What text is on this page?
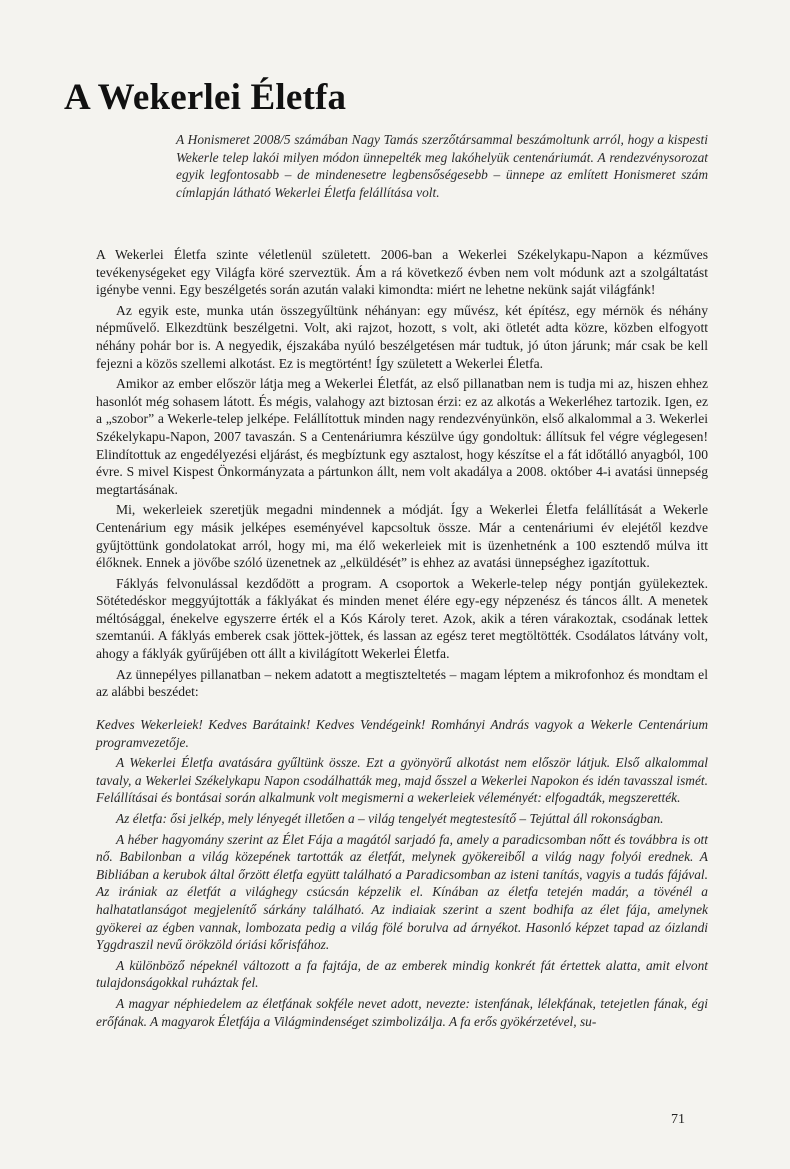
A Wekerlei Életfa

A Honismeret 2008/5 számában Nagy Tamás szerzőtársammal beszámoltunk arról, hogy a kispesti Wekerle telep lakói milyen módon ünnepelték meg lakóhelyük centenáriumát. A rendezvénysorozat egyik legfontosabb – de mindenesetre legbensőségesebb – ünnepe az említett Honismeret szám címlapján látható Wekerlei Életfa felállítása volt.

A Wekerlei Életfa szinte véletlenül született. 2006-ban a Wekerlei Székelykapu-Napon a kézműves tevékenységeket egy Világfa köré szerveztük. Ám a rá következő évben nem volt módunk azt a szolgáltatást igénybe venni. Egy beszélgetés során azután valaki kimondta: miért ne lehetne nekünk saját világfánk!

Az egyik este, munka után összegyűltünk néhányan: egy művész, két építész, egy mérnök és néhány népművelő. Elkezdtünk beszélgetni. Volt, aki rajzot, hozott, s volt, aki ötletét adta közre, közben elfogyott néhány pohár bor is. A negyedik, éjszakába nyúló beszélgetésen már tudtuk, jó úton járunk; már csak be kell fejezni a közös szellemi alkotást. Ez is megtörtént! Így született a Wekerlei Életfa.

Amikor az ember először látja meg a Wekerlei Életfát, az első pillanatban nem is tudja mi az, hiszen ehhez hasonlót még sohasem látott. És mégis, valahogy azt biztosan érzi: ez az alkotás a Wekerléhez tartozik. Igen, ez a „szobor” a Wekerle-telep jelképe. Felállítottuk minden nagy rendezvényünkön, első alkalommal a 3. Wekerlei Székelykapu-Napon, 2007 tavaszán. S a Centenáriumra készülve úgy gondoltuk: állítsuk fel végre véglegesen! Elindítottuk az engedélyezési eljárást, és megbíztunk egy asztalost, hogy készítse el a fát időtálló anyagból, 100 évre. S mivel Kispest Önkormányzata a pártunkon állt, nem volt akadálya a 2008. október 4-i avatási ünnepség megtartásának.

Mi, wekerleiek szeretjük megadni mindennek a módját. Így a Wekerlei Életfa felállítását a Wekerle Centenárium egy másik jelképes eseményével kapcsoltuk össze. Már a centenáriumi év elejétől kezdve gyűjtöttünk gondolatokat arról, hogy mi, ma élő wekerleiek mit is üzenhetnénk a 100 esztendő múlva itt élőknek. Ennek a jövőbe szóló üzenetnek az „elküldését” is ehhez az avatási ünnepséghez igazítottuk.

Fáklyás felvonulással kezdődött a program. A csoportok a Wekerle-telep négy pontján gyülekeztek. Sötétedéskor meggyújtották a fáklyákat és minden menet élére egy-egy népzenész és táncos állt. A menetek méltósággal, énekelve egyszerre érték el a Kós Károly teret. Azok, akik a téren várakoztak, csodának lettek szemtanúi. A fáklyás emberek csak jöttek-jöttek, és lassan az egész teret megtöltötték. Csodálatos látvány volt, ahogy a fáklyák gyűrűjében ott állt a kivilágított Wekerlei Életfa.

Az ünnepélyes pillanatban – nekem adatott a megtiszteltetés – magam léptem a mikrofonhoz és mondtam el az alábbi beszédet:

Kedves Wekerleiek! Kedves Barátaink! Kedves Vendégeink! Romhányi András vagyok a Wekerle Centenárium programvezetője.

A Wekerlei Életfa avatására gyűltünk össze. Ezt a gyönyörű alkotást nem először látjuk. Első alkalommal tavaly, a Wekerlei Székelykapu Napon csodálhatták meg, majd ősszel a Wekerlei Napokon és idén tavasszal ismét. Felállításai és bontásai során alkalmunk volt megismerni a wekerleiek véleményét: elfogadták, megszerették.

Az életfa: ősi jelkép, mely lényegét illetően a – világ tengelyét megtestesítő – Tejúttal áll rokonságban.

A héber hagyomány szerint az Élet Fája a magától sarjadó fa, amely a paradicsomban nőtt és továbbra is ott nő. Babilonban a világ közepének tartották az életfát, melynek gyökereiből a világ nagy folyói erednek. A Bibliában a kerubok által őrzött életfa együtt található a Paradicsomban az isteni tanítás, vagyis a tudás fájával. Az irániak az életfát a világhegy csúcsán képzelik el. Kínában az életfa tetején madár, a tövénél a halhatatlanságot megjelenítő sárkány található. Az indiaiak szerint a szent bodhifa az élet fája, amelynek gyökerei az égben vannak, lombozata pedig a világ fölé borulva ad árnyékot. Hasonló képzet tapad az óizlandi Yggdraszil nevű örökzöld óriási kőrisfához.

A különböző népeknél változott a fa fajtája, de az emberek mindig konkrét fát értettek alatta, amit elvont tulajdonságokkal ruháztak fel.

A magyar néphiedelem az életfának sokféle nevet adott, nevezte: istenfának, lélekfának, tetejetlen fának, égi erőfának. A magyarok Életfája a Világmindenséget szimbolizálja. A fa erős gyökérzetével, su-

71
